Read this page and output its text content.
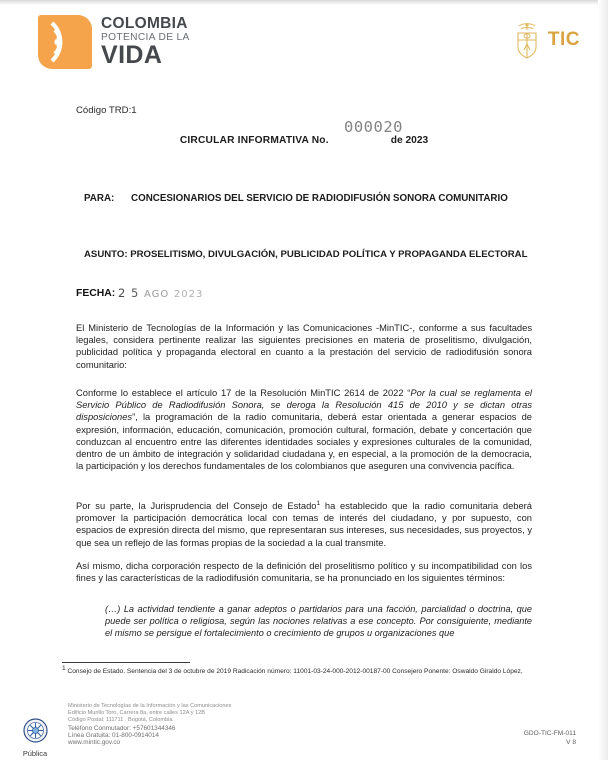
COLOMBIA
POTENCIA DE LA
VIDA
TIC
Código TRD:1
CIRCULAR INFORMATIVA No.	de 2023
000020
PARA: CONCESIONARIOS DEL SERVICIO DE RADIODIFUSIÓN SONORA COMUNITARIO
ASUNTO: PROSELITISMO, DIVULGACIÓN, PUBLICIDAD POLÍTICA Y PROPAGANDA ELECTORAL
FECHA: 2 5 AGO 2023
El Ministerio de Tecnologías de la Información y las Comunicaciones -MinTIC-, conforme a sus facultades legales, considera pertinente realizar las siguientes precisiones en materia de proselitismo, divulgación, publicidad política y propaganda electoral en cuanto a la prestación del servicio de radiodifusión sonora comunitario:
Conforme lo establece el artículo 17 de la Resolución MinTIC 2614 de 2022 “Por la cual se reglamenta el Servicio Público de Radiodifusión Sonora, se deroga la Resolución 415 de 2010 y se dictan otras disposiciones”, la programación de la radio comunitaria, deberá estar orientada a generar espacios de expresión, información, educación, comunicación, promoción cultural, formación, debate y concertación que conduzcan al encuentro entre las diferentes identidades sociales y expresiones culturales de la comunidad, dentro de un ámbito de integración y solidaridad ciudadana y, en especial, a la promoción de la democracia, la participación y los derechos fundamentales de los colombianos que aseguren una convivencia pacífica.
Por su parte, la Jurisprudencia del Consejo de Estado$^1$ ha establecido que la radio comunitaria deberá promover la participación democrática local con temas de interés del ciudadano, y por supuesto, con espacios de expresión directa del mismo, que representaran sus intereses, sus necesidades, sus proyectos, y que sea un reflejo de las formas propias de la sociedad a la cual transmite.
Así mismo, dicha corporación respecto de la definición del proselitismo político y su incompatibilidad con los fines y las características de la radiodifusión comunitaria, se ha pronunciado en los siguientes términos:
(…) La actividad tendiente a ganar adeptos o partidarios para una facción, parcialidad o doctrina, que puede ser política o religiosa, según las nociones relativas a ese concepto. Por consiguiente, mediante el mismo se persigue el fortalecimiento o crecimiento de grupos u organizaciones que
$^1$ Consejo de Estado. Sentencia del 3 de octubre de 2019 Radicación número: 11001-03-24-000-2012-00187-00 Consejero Ponente: Oswaldo Giraldo López,
Ministerio de Tecnologías de la Información y las Comunicaciones
Edificio Murillo Toro, Carrera 8a, entre calles 12A y 12B
Código Postal: 111711 . Bogotá, Colombia
Teléfono Conmutador: +57601344346
Línea Gratuita: 01-800-0914014
www.mintic.gov.co
GDO-TIC-FM-011
V 8
Pública
